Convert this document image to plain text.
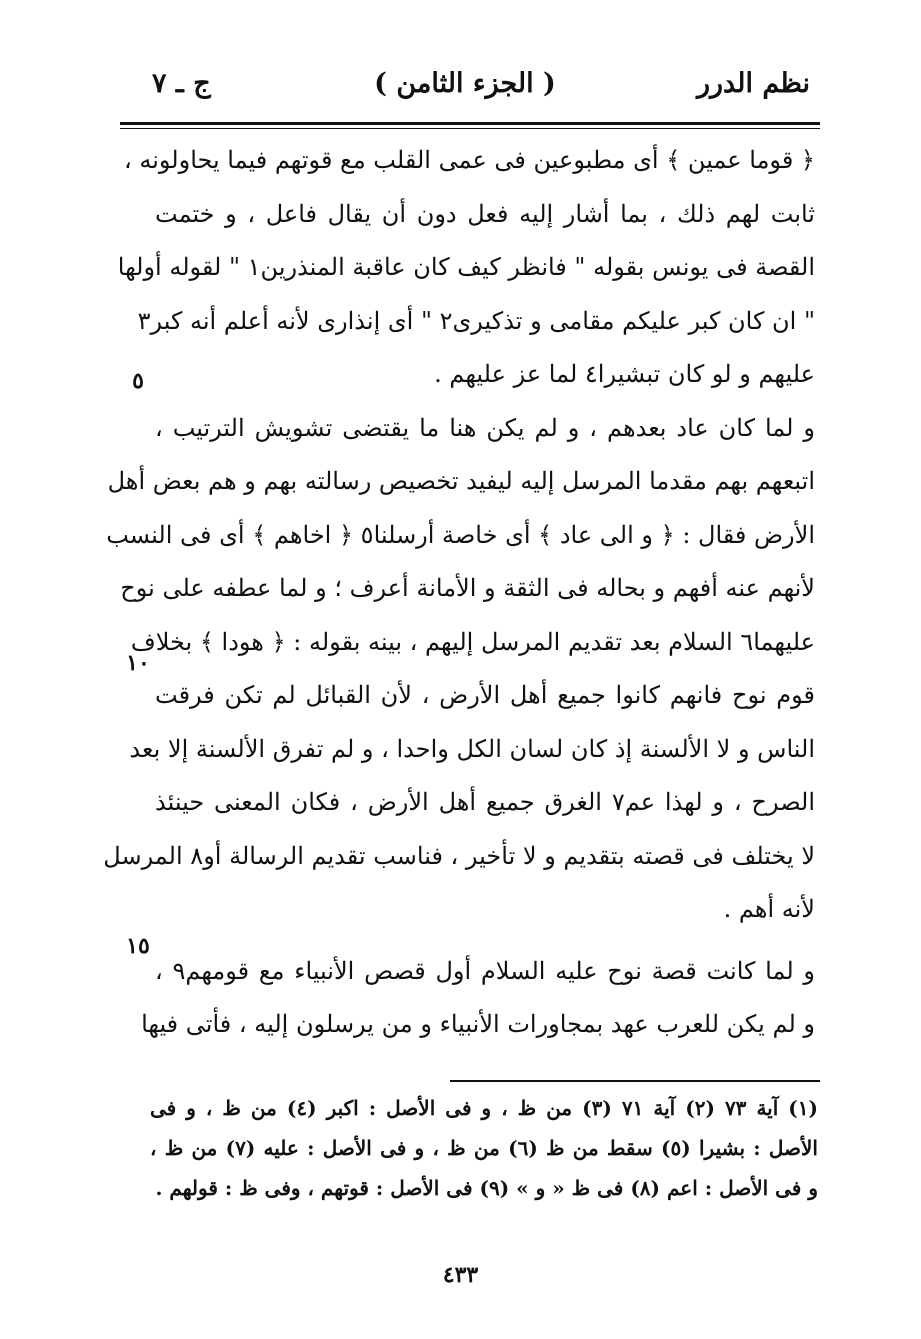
نظم الدرر
( الجزء الثامن )
ج ـ ٧
﴿ قوما عمين ﴾ أى مطبوعين فى عمى القلب مع قوتهم فيما يحاولونه ،
ثابت لهم ذلك ، بما أشار إليه فعل دون أن يقال فاعل ، و ختمت
القصة فى يونس بقوله " فانظر كيف كان عاقبة المنذرين١ " لقوله أولها
" ان كان كبر عليكم مقامى و تذكيرى٢ " أى إنذارى لأنه أعلم أنه كبر٣
عليهم و لو كان تبشيرا٤ لما عز عليهم .
و لما كان عاد بعدهم ، و لم يكن هنا ما يقتضى تشويش الترتيب ،
اتبعهم بهم مقدما المرسل إليه ليفيد تخصيص رسالته بهم و هم بعض أهل
الأرض فقال : ﴿ و الى عاد ﴾ أى خاصة أرسلنا٥ ﴿ اخاهم ﴾ أى فى النسب
لأنهم عنه أفهم و بحاله فى الثقة و الأمانة أعرف ؛ و لما عطفه على نوح
عليهما٦ السلام بعد تقديم المرسل إليهم ، بينه بقوله : ﴿ هودا ﴾ بخلاف
قوم نوح فانهم كانوا جميع أهل الأرض ، لأن القبائل لم تكن فرقت
الناس و لا الألسنة إذ كان لسان الكل واحدا ، و لم تفرق الألسنة إلا بعد
الصرح ، و لهذا عم٧ الغرق جميع أهل الأرض ، فكان المعنى حينئذ
لا يختلف فى قصته بتقديم و لا تأخير ، فناسب تقديم الرسالة أو٨ المرسل
لأنه أهم .
و لما كانت قصة نوح عليه السلام أول قصص الأنبياء مع قومهم٩ ،
و لم يكن للعرب عهد بمجاورات الأنبياء و من يرسلون إليه ، فأتى فيها
٥
١٠
١٥
(١) آية ٧٣ (٢) آية ٧١ (٣) من ظ ، و فى الأصل : اكبر (٤) من ظ ، و فى
الأصل : بشيرا (٥) سقط من ظ (٦) من ظ ، و فى الأصل : عليه (٧) من ظ ،
و فى الأصل : اعم (٨) فى ظ « و » (٩) فى الأصل : قوتهم ، وفى ظ : قولهم .
٤٣٣
